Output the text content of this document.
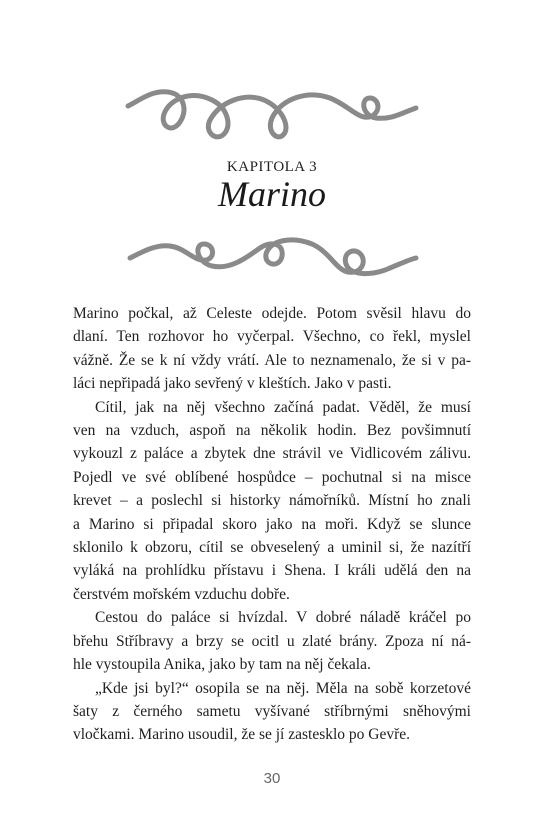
KAPITOLA 3
Marino
Marino počkal, až Celeste odejde. Potom svěsil hlavu do
dlaní. Ten rozhovor ho vyčerpal. Všechno, co řekl, myslel
vážně. Že se k ní vždy vrátí. Ale to neznamenalo, že si v pa-
láci nepřipadá jako sevřený v kleštích. Jako v pasti.
Cítil, jak na něj všechno začíná padat. Věděl, že musí
ven na vzduch, aspoň na několik hodin. Bez povšimnutí
vykouzl z paláce a zbytek dne strávil ve Vidlicovém zálivu.
Pojedl ve své oblíbené hospůdce – pochutnal si na misce
krevet – a poslechl si historky námořníků. Místní ho znali
a Marino si připadal skoro jako na moři. Když se slunce
sklonilo k obzoru, cítil se obveselený a uminil si, že nazítří
vyláká na prohlídku přístavu i Shena. I králi udělá den na
čerstvém mořském vzduchu dobře.
Cestou do paláce si hvízdal. V dobré náladě kráčel po
břehu Stříbravy a brzy se ocitl u zlaté brány. Zpoza ní ná-
hle vystoupila Anika, jako by tam na něj čekala.
„Kde jsi byl?“ osopila se na něj. Měla na sobě korzetové
šaty z černého sametu vyšívané stříbrnými sněhovými
vločkami. Marino usoudil, že se jí zastesklo po Gevře.
30
